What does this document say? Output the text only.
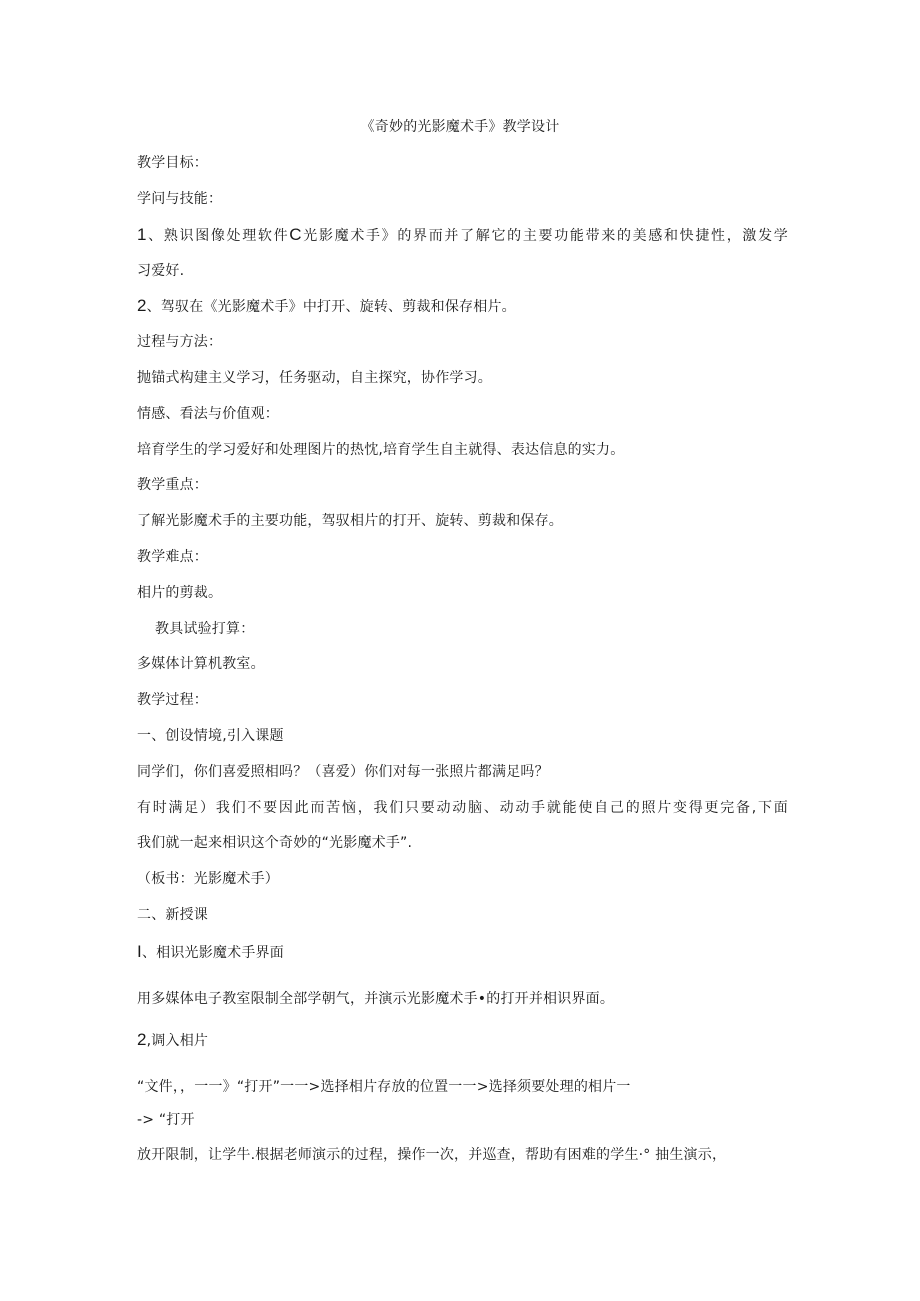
《奇妙的光影魔术手》教学设计
教学目标：
学问与技能：
1、熟识图像处理软件C光影魔术手》的界而并了解它的主要功能带来的美感和快捷性，激发学
习爱好.
2、驾驭在《光影魔术手》中打开、旋转、剪裁和保存相片。
过程与方法：
抛锚式构建主义学习，任务驱动，自主探究，协作学习。
情感、看法与价值观：
培育学生的学习爱好和处理图片的热忱,培育学生自主就得、表达信息的实力。
教学重点：
了解光影魔术手的主要功能，驾驭相片的打开、旋转、剪裁和保存。
教学难点：
相片的剪裁。
教具试验打算：
多媒体计算机教室。
教学过程：
一、创设情境,引入课题
同学们，你们喜爱照相吗？（喜爱）你们对每一张照片都满足吗？
有时满足）我们不要因此而苦恼，我们只要动动脑、动动手就能使自己的照片变得更完备,下面
我们就一起来相识这个奇妙的“光影魔术手”.
（板书：光影魔术手）
二、新授课
I、相识光影魔术手界面
用多媒体电子教室限制全部学朝气，并演示光影魔术手•的打开并相识界面。
2,调入相片
“文件，，一一》“打开”一一>选择相片存放的位置一一>选择须要处理的相片一
-> “打开
放开限制，让学牛.根据老师演示的过程，操作一次，并巡查，帮助有困难的学生·° 抽生演示，
